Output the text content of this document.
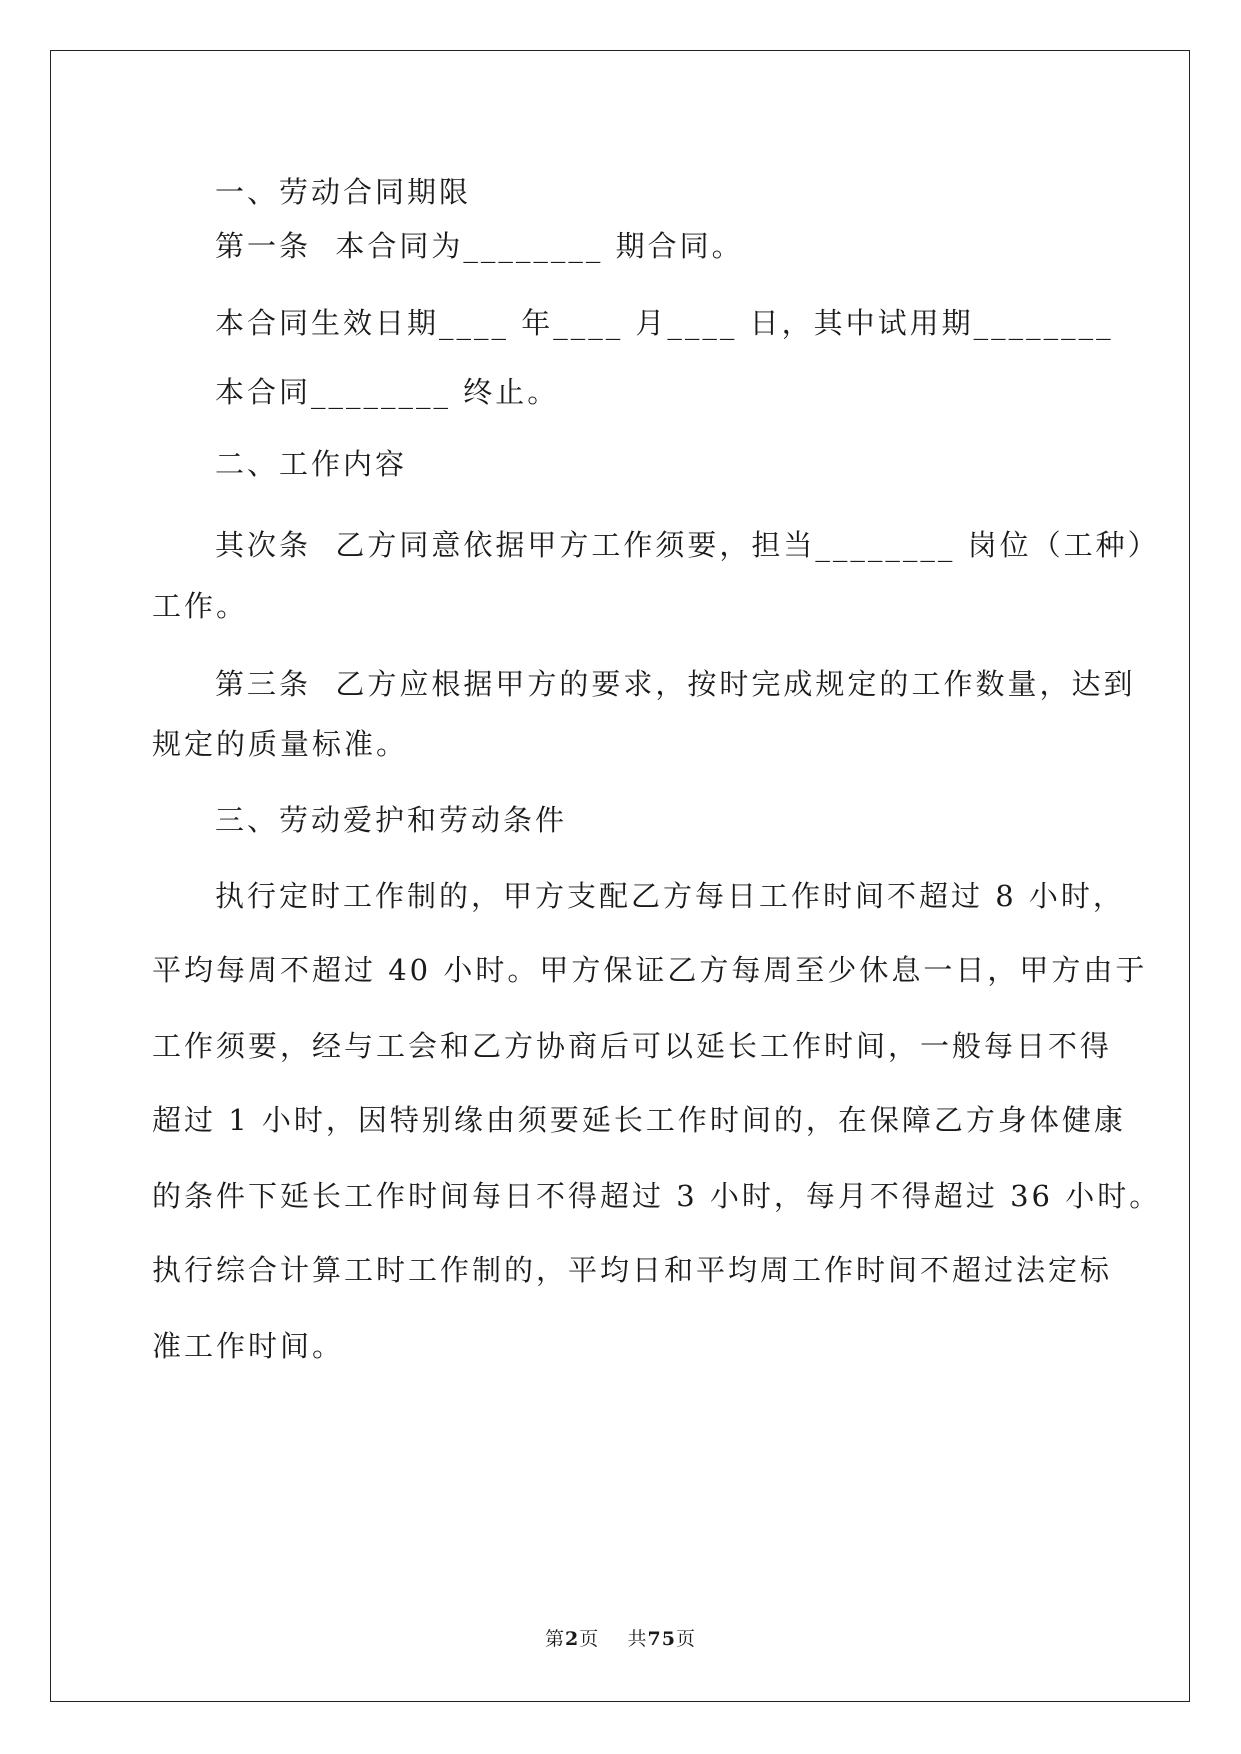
一、劳动合同期限

第一条  本合同为________ 期合同。

本合同生效日期____ 年____ 月____ 日，其中试用期________

本合同________ 终止。

二、工作内容

其次条  乙方同意依据甲方工作须要，担当________ 岗位（工种）

工作。

第三条  乙方应根据甲方的要求，按时完成规定的工作数量，达到

规定的质量标准。

三、劳动爱护和劳动条件

执行定时工作制的，甲方支配乙方每日工作时间不超过 8 小时，

平均每周不超过 40 小时。甲方保证乙方每周至少休息一日，甲方由于

工作须要，经与工会和乙方协商后可以延长工作时间，一般每日不得

超过 1 小时，因特别缘由须要延长工作时间的，在保障乙方身体健康

的条件下延长工作时间每日不得超过 3 小时，每月不得超过 36 小时。

执行综合计算工时工作制的，平均日和平均周工作时间不超过法定标

准工作时间。

第2页 共75页
